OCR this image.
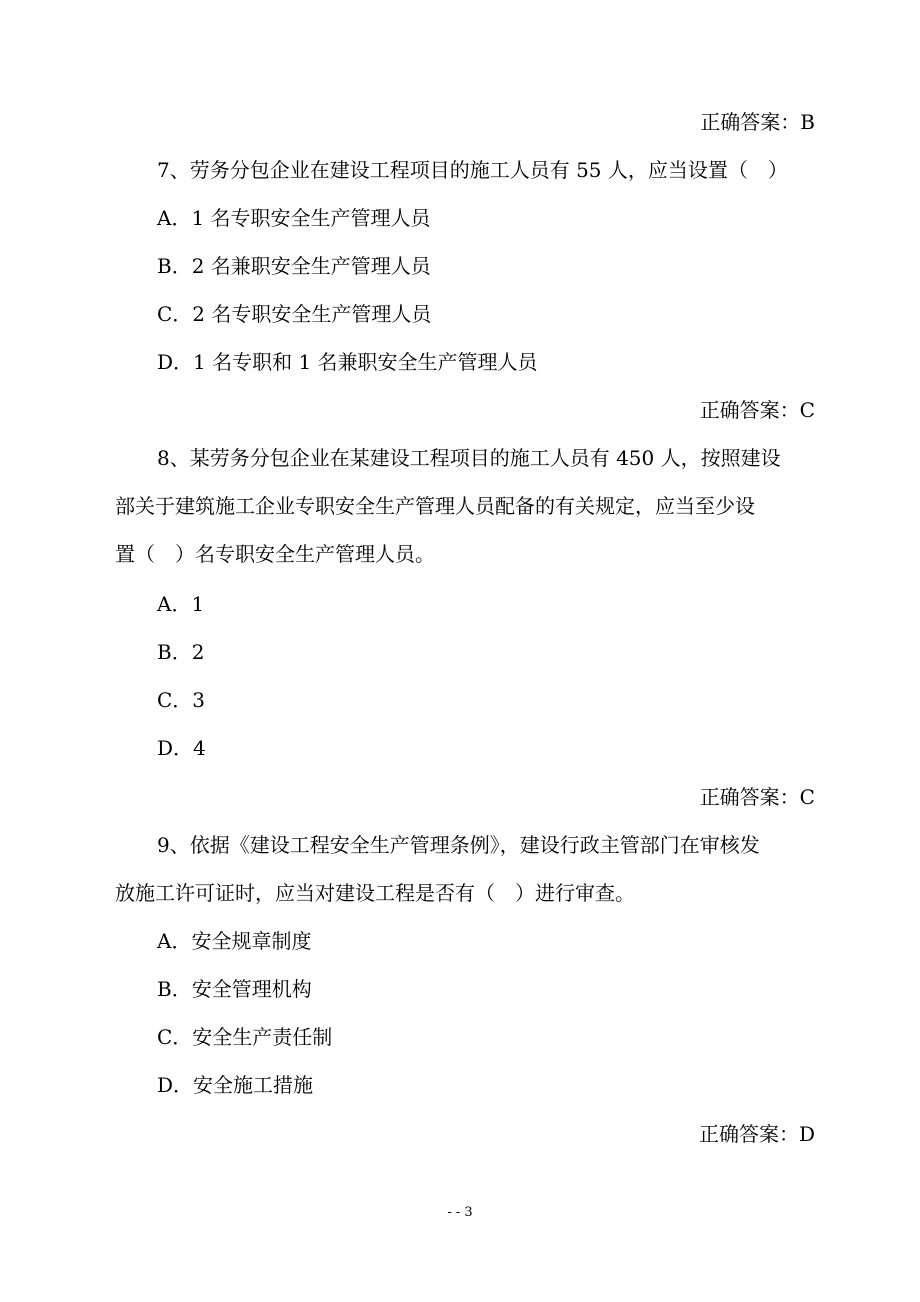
正确答案：B
7、劳务分包企业在建设工程项目的施工人员有 55 人，应当设置（　）
A．1 名专职安全生产管理人员
B．2 名兼职安全生产管理人员
C．2 名专职安全生产管理人员
D．1 名专职和 1 名兼职安全生产管理人员
正确答案：C
8、某劳务分包企业在某建设工程项目的施工人员有 450 人，按照建设
部关于建筑施工企业专职安全生产管理人员配备的有关规定，应当至少设
置（　）名专职安全生产管理人员。
A．1
B．2
C．3
D．4
正确答案：C
9、依据《建设工程安全生产管理条例》，建设行政主管部门在审核发
放施工许可证时，应当对建设工程是否有（　）进行审查。
A．安全规章制度
B．安全管理机构
C．安全生产责任制
D．安全施工措施
正确答案：D
- - 3
